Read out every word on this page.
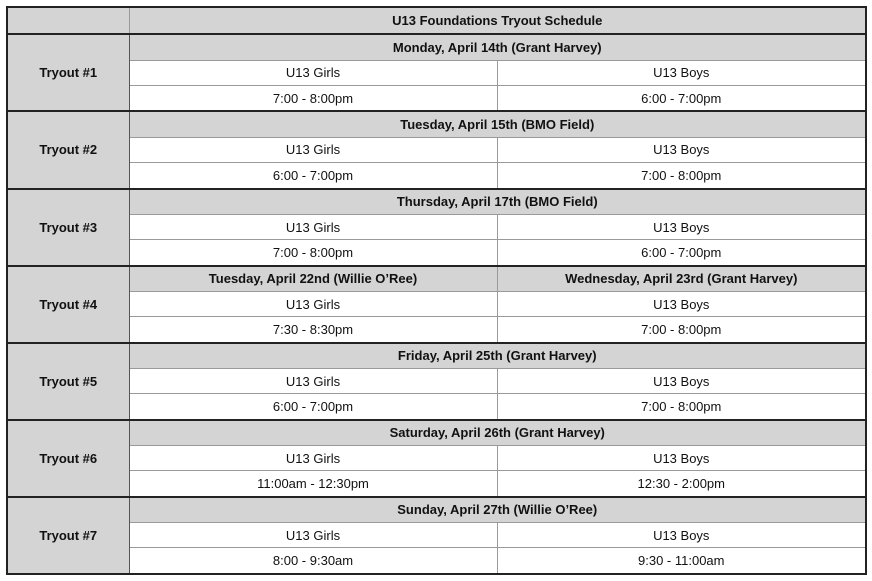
	U13 Foundations Tryout Schedule	
Tryout #1	Monday, April 14th (Grant Harvey)	
	U13 Girls	U13 Boys
	7:00 - 8:00pm	6:00 - 7:00pm
Tryout #2	Tuesday, April 15th (BMO Field)	
	U13 Girls	U13 Boys
	6:00 - 7:00pm	7:00 - 8:00pm
Tryout #3	Thursday, April 17th (BMO Field)	
	U13 Girls	U13 Boys
	7:00 - 8:00pm	6:00 - 7:00pm
Tryout #4	Tuesday, April 22nd (Willie O’Ree)	Wednesday, April 23rd (Grant Harvey)
	U13 Girls	U13 Boys
	7:30 - 8:30pm	7:00 - 8:00pm
Tryout #5	Friday, April 25th (Grant Harvey)	
	U13 Girls	U13 Boys
	6:00 - 7:00pm	7:00 - 8:00pm
Tryout #6	Saturday, April 26th (Grant Harvey)	
	U13 Girls	U13 Boys
	11:00am - 12:30pm	12:30 - 2:00pm
Tryout #7	Sunday, April 27th (Willie O’Ree)	
	U13 Girls	U13 Boys
	8:00 - 9:30am	9:30 - 11:00am
